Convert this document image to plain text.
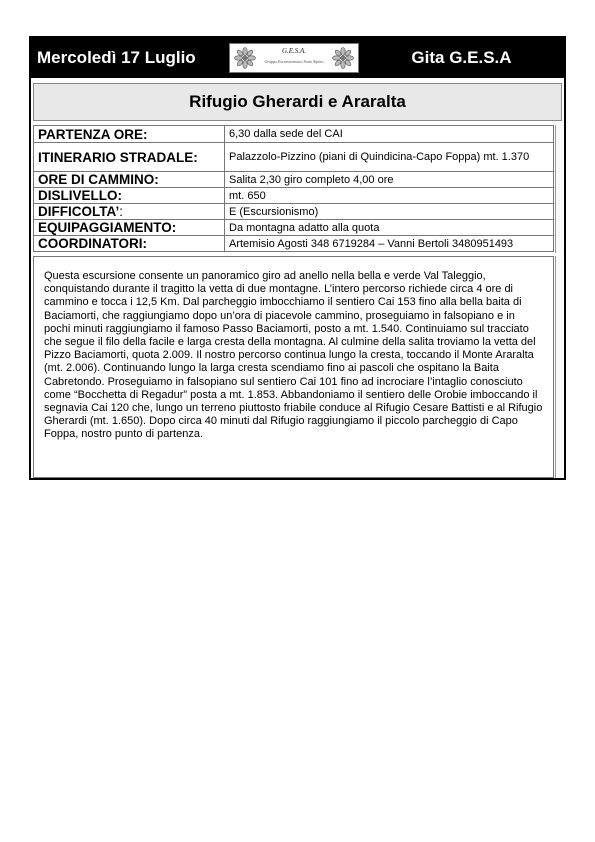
Mercoledì 17 Luglio	G.E.S.A.
Gruppo Escursionistico Sotto Alpino	Gita G.E.S.A
Rifugio Gherardi e Araralta
PARTENZA ORE:	6,30 dalla sede del CAI
ITINERARIO STRADALE:	Palazzolo-Pizzino (piani di Quindicina-Capo Foppa) mt. 1.370
ORE DI CAMMINO:	Salita 2,30 giro completo 4,00 ore
DISLIVELLO:	mt. 650
DIFFICOLTA’:	E (Escursionismo)
EQUIPAGGIAMENTO:	Da montagna adatto alla quota
COORDINATORI:	Artemisio Agosti 348 6719284 – Vanni Bertoli 3480951493
Questa escursione consente un panoramico giro ad anello nella bella e verde Val Taleggio, conquistando durante il tragitto la vetta di due montagne. L’intero percorso richiede circa 4 ore di cammino e tocca i 12,5 Km. Dal parcheggio imbocchiamo il sentiero Cai 153 fino alla bella baita di Baciamorti, che raggiungiamo dopo un’ora di piacevole cammino, proseguiamo in falsopiano e in pochi minuti raggiungiamo il famoso Passo Baciamorti, posto a mt. 1.540. Continuiamo sul tracciato che segue il filo della facile e larga cresta della montagna. Al culmine della salita troviamo la vetta del Pizzo Baciamorti, quota 2.009. Il nostro percorso continua lungo la cresta, toccando il Monte Araralta (mt. 2.006). Continuando lungo la larga cresta scendiamo fino ai pascoli che ospitano la Baita Cabretondo. Proseguiamo in falsopiano sul sentiero Cai 101 fino ad incrociare l’intaglio conosciuto come “Bocchetta di Regadur” posta a mt. 1.853. Abbandoniamo il sentiero delle Orobie imboccando il segnavia Cai 120 che, lungo un terreno piuttosto friabile conduce al Rifugio Cesare Battisti e al Rifugio Gherardi (mt. 1.650). Dopo circa 40 minuti dal Rifugio raggiungiamo il piccolo parcheggio di Capo Foppa, nostro punto di partenza.
